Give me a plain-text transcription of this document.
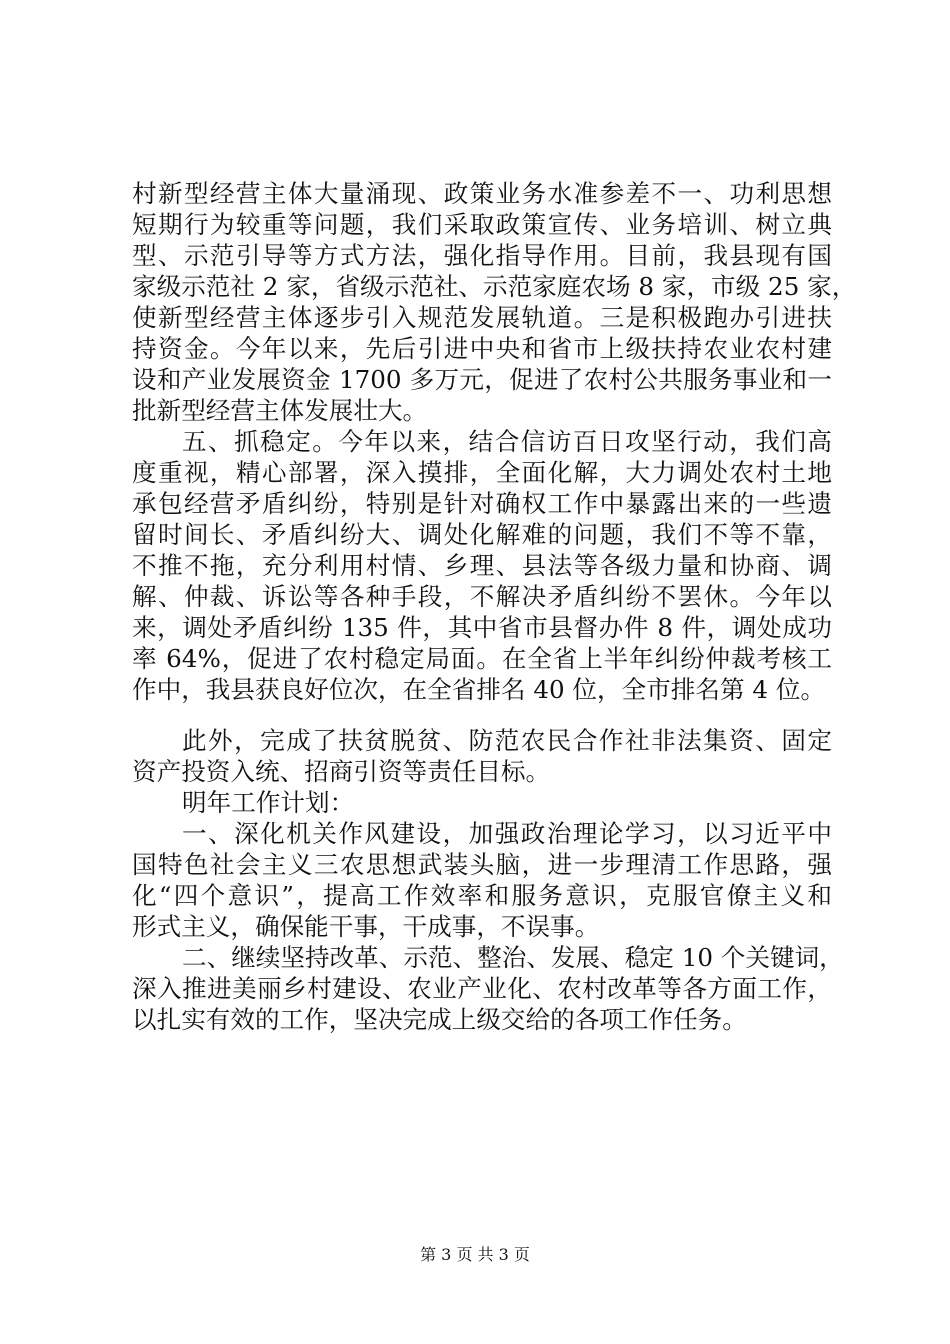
村新型经营主体大量涌现、政策业务水准参差不一、功利思想
短期行为较重等问题，我们采取政策宣传、业务培训、树立典
型、示范引导等方式方法，强化指导作用。目前，我县现有国
家级示范社 2 家，省级示范社、示范家庭农场 8 家，市级 25 家，
使新型经营主体逐步引入规范发展轨道。三是积极跑办引进扶
持资金。今年以来，先后引进中央和省市上级扶持农业农村建
设和产业发展资金 1700 多万元，促进了农村公共服务事业和一
批新型经营主体发展壮大。
五、抓稳定。今年以来，结合信访百日攻坚行动，我们高
度重视，精心部署，深入摸排，全面化解，大力调处农村土地
承包经营矛盾纠纷，特别是针对确权工作中暴露出来的一些遗
留时间长、矛盾纠纷大、调处化解难的问题，我们不等不靠，
不推不拖，充分利用村情、乡理、县法等各级力量和协商、调
解、仲裁、诉讼等各种手段，不解决矛盾纠纷不罢休。今年以
来，调处矛盾纠纷 135 件，其中省市县督办件 8 件，调处成功
率 64%，促进了农村稳定局面。在全省上半年纠纷仲裁考核工
作中，我县获良好位次，在全省排名 40 位，全市排名第 4 位。
此外，完成了扶贫脱贫、防范农民合作社非法集资、固定
资产投资入统、招商引资等责任目标。
明年工作计划：
一、深化机关作风建设，加强政治理论学习，以习近平中
国特色社会主义三农思想武装头脑，进一步理清工作思路，强
化“四个意识”，提高工作效率和服务意识，克服官僚主义和
形式主义，确保能干事，干成事，不误事。
二、继续坚持改革、示范、整治、发展、稳定 10 个关键词，
深入推进美丽乡村建设、农业产业化、农村改革等各方面工作，
以扎实有效的工作，坚决完成上级交给的各项工作任务。
第 3 页 共 3 页
